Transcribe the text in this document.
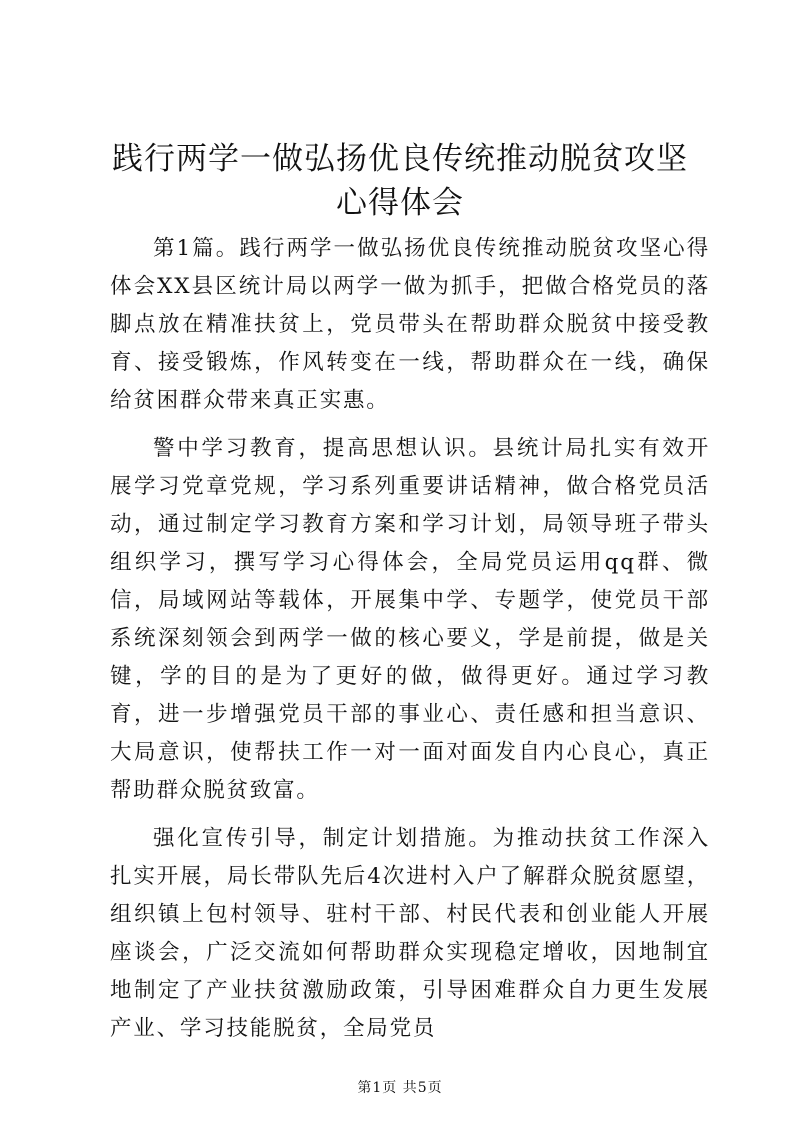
践行两学一做弘扬优良传统推动脱贫攻坚心得体会

第1篇。践行两学一做弘扬优良传统推动脱贫攻坚心得体会XX县区统计局以两学一做为抓手，把做合格党员的落脚点放在精准扶贫上，党员带头在帮助群众脱贫中接受教育、接受锻炼，作风转变在一线，帮助群众在一线，确保给贫困群众带来真正实惠。

警中学习教育，提高思想认识。县统计局扎实有效开展学习党章党规，学习系列重要讲话精神，做合格党员活动，通过制定学习教育方案和学习计划，局领导班子带头组织学习，撰写学习心得体会，全局党员运用qq群、微信，局域网站等载体，开展集中学、专题学，使党员干部系统深刻领会到两学一做的核心要义，学是前提，做是关键，学的目的是为了更好的做，做得更好。通过学习教育，进一步增强党员干部的事业心、责任感和担当意识、大局意识，使帮扶工作一对一面对面发自内心良心，真正帮助群众脱贫致富。

强化宣传引导，制定计划措施。为推动扶贫工作深入扎实开展，局长带队先后4次进村入户了解群众脱贫愿望，组织镇上包村领导、驻村干部、村民代表和创业能人开展座谈会，广泛交流如何帮助群众实现稳定增收，因地制宜地制定了产业扶贫激励政策，引导困难群众自力更生发展产业、学习技能脱贫，全局党员

第1页 共5页
